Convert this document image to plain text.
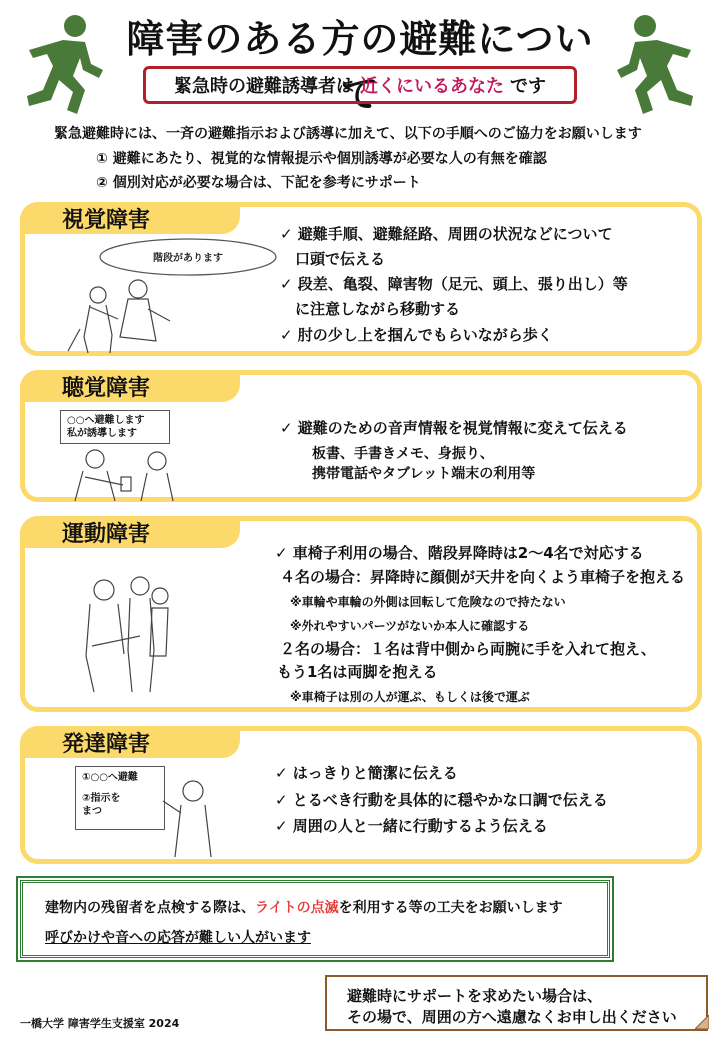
障害のある方の避難について
緊急時の避難誘導者は 近くにいるあなた です
緊急避難時には、一斉の避難指示および誘導に加えて、以下の手順へのご協力をお願いします
① 避難にあたり、視覚的な情報提示や個別誘導が必要な人の有無を確認
② 個別対応が必要な場合は、下記を参考にサポート
視覚障害
階段があります
✓ 避難手順、避難経路、周囲の状況などについて
　口頭で伝える
✓ 段差、亀裂、障害物（足元、頭上、張り出し）等
　に注意しながら移動する
✓ 肘の少し上を掴んでもらいながら歩く
聴覚障害
○○へ避難します
私が誘導します	✓ 避難のための音声情報を視覚情報に変えて伝える
板書、手書きメモ、身振り、
携帯電話やタブレット端末の利用等
運動障害
✓ 車椅子利用の場合、階段昇降時は2～4名で対応する
４名の場合：昇降時に顔側が天井を向くよう車椅子を抱える
※車輪や車輪の外側は回転して危険なので持たない
※外れやすいパーツがないか本人に確認する
２名の場合：１名は背中側から両腕に手を入れて抱え、
もう1名は両脚を抱える
※車椅子は別の人が運ぶ、もしくは後で運ぶ
発達障害
①○○へ避難
②指示を
まつ
✓ はっきりと簡潔に伝える
✓ とるべき行動を具体的に穏やかな口調で伝える
✓ 周囲の人と一緒に行動するよう伝える
建物内の残留者を点検する際は、ライトの点滅を利用する等の工夫をお願いします
呼びかけや音への応答が難しい人がいます
避難時にサポートを求めたい場合は、
その場で、周囲の方へ遠慮なくお申し出ください
一橋大学 障害学生支援室 2024
